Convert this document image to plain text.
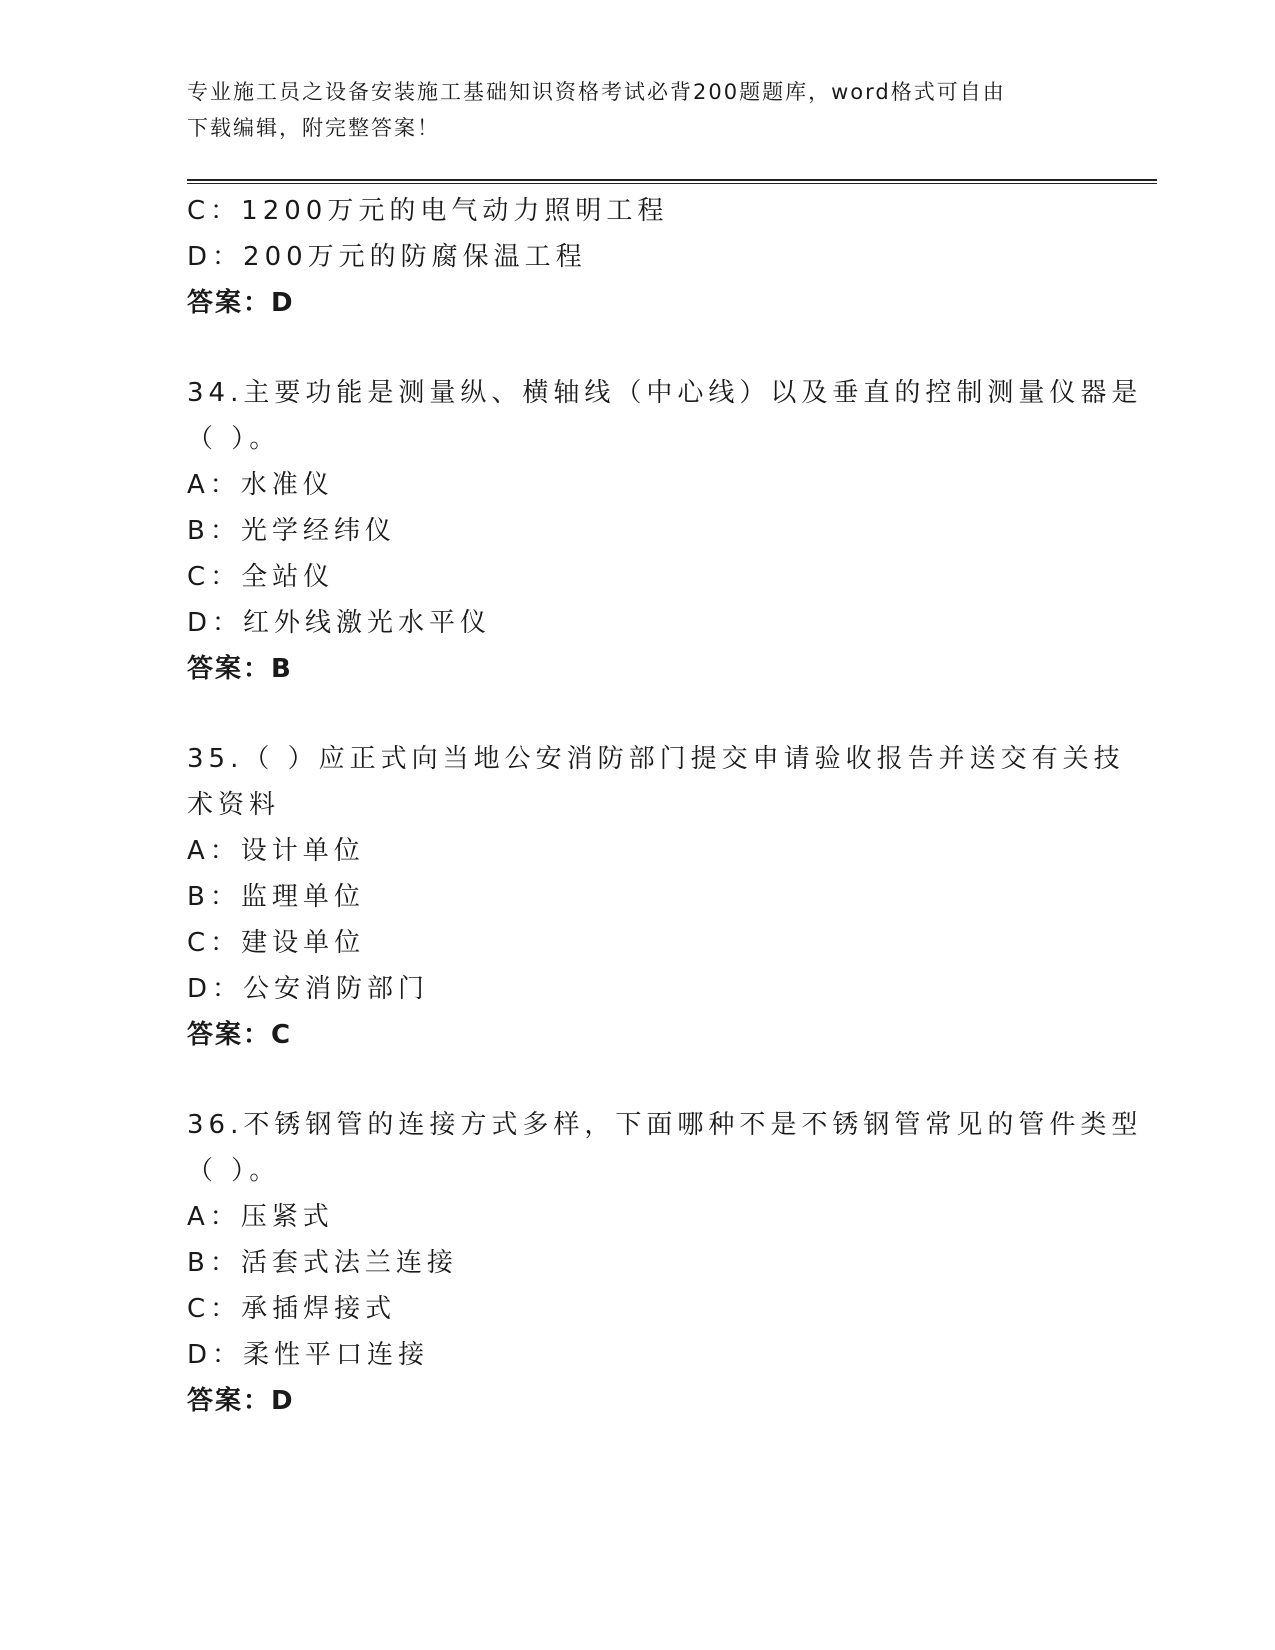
专业施工员之设备安装施工基础知识资格考试必背200题题库，word格式可自由
下载编辑，附完整答案！
C：1200万元的电气动力照明工程
D：200万元的防腐保温工程
答案：D
34.主要功能是测量纵、横轴线（中心线）以及垂直的控制测量仪器是
（ ）。
A：水准仪
B：光学经纬仪
C：全站仪
D：红外线激光水平仪
答案：B
35.（ ）应正式向当地公安消防部门提交申请验收报告并送交有关技
术资料
A：设计单位
B：监理单位
C：建设单位
D：公安消防部门
答案：C
36.不锈钢管的连接方式多样，下面哪种不是不锈钢管常见的管件类型
（ ）。
A：压紧式
B：活套式法兰连接
C：承插焊接式
D：柔性平口连接
答案：D
